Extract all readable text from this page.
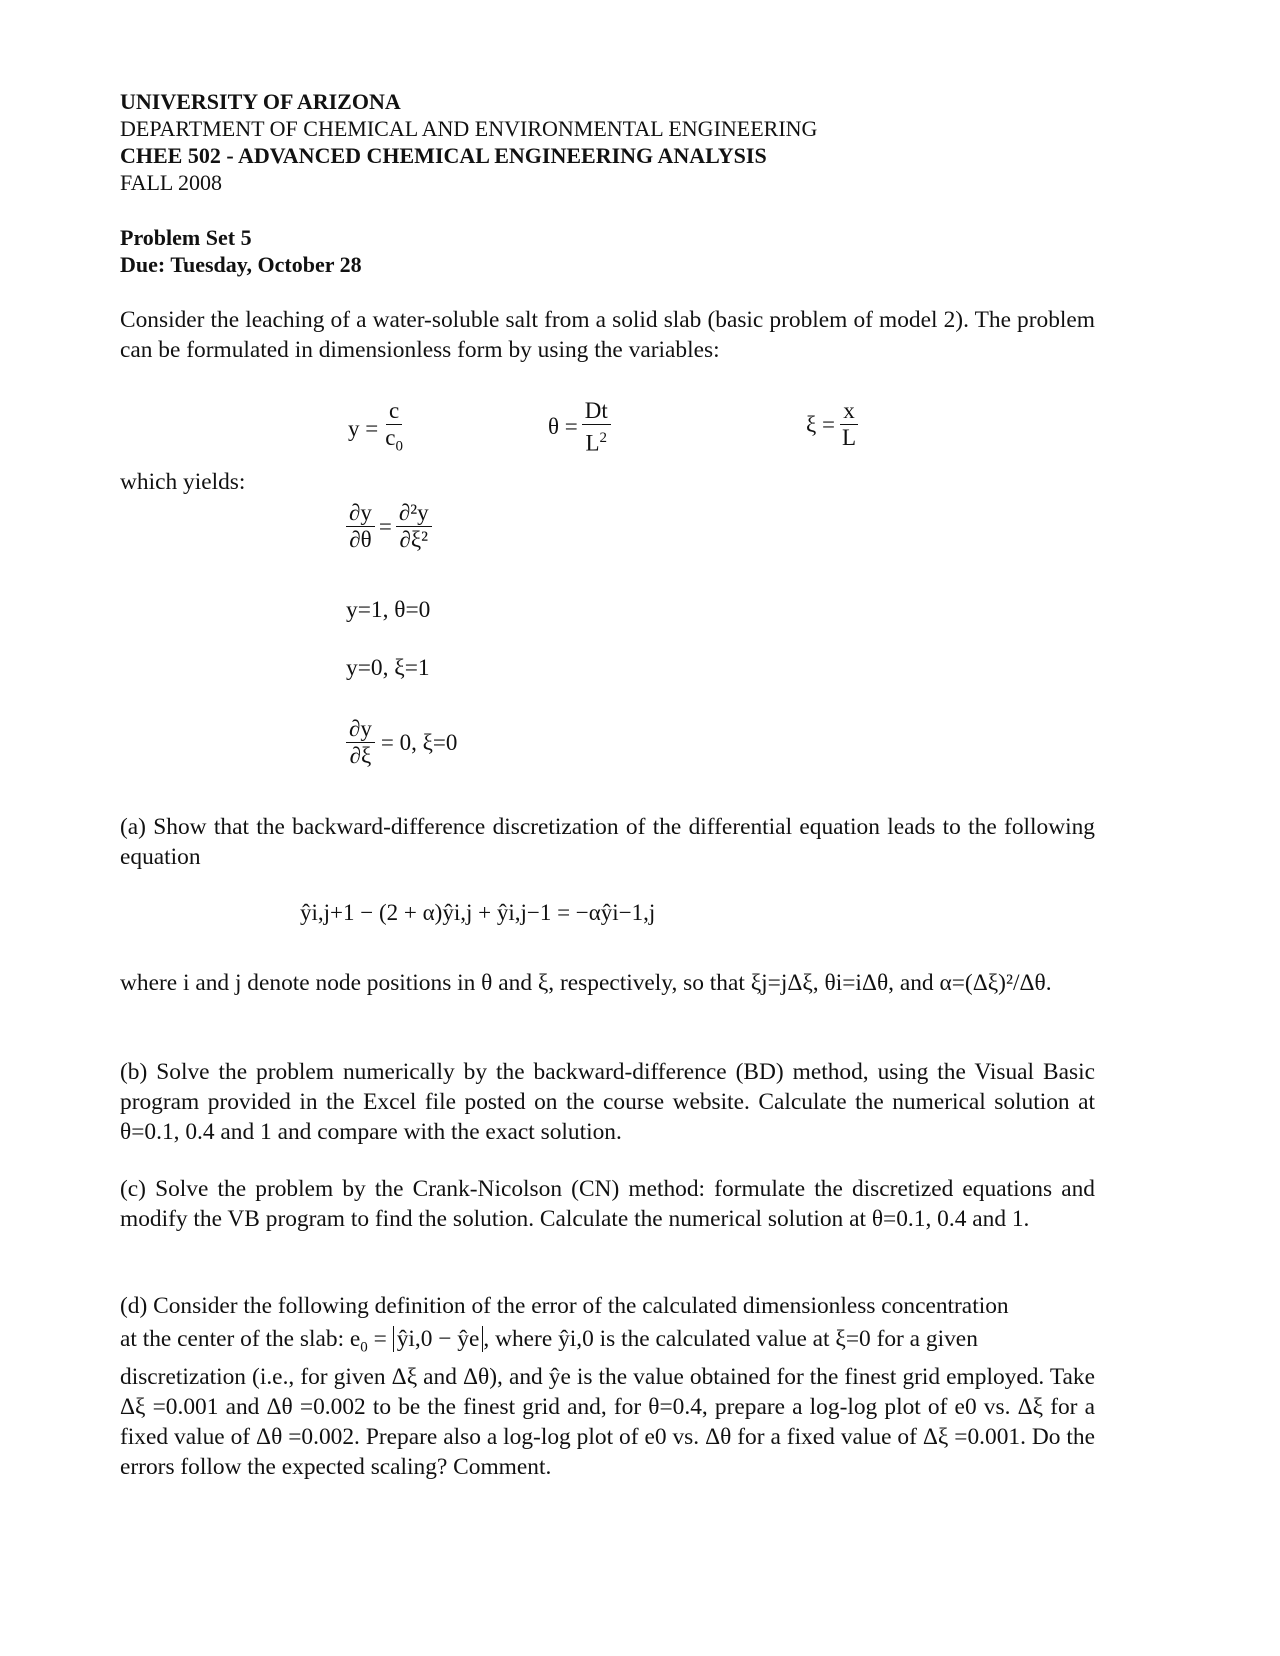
UNIVERSITY OF ARIZONA
DEPARTMENT OF CHEMICAL AND ENVIRONMENTAL ENGINEERING
CHEE 502 - ADVANCED CHEMICAL ENGINEERING ANALYSIS
FALL 2008
Problem Set 5
Due: Tuesday, October 28
Consider the leaching of a water-soluble salt from a solid slab (basic problem of model 2). The problem can be formulated in dimensionless form by using the variables:
$y = \frac{c}{c_0}$	$\theta = \frac{Dt}{L^2}$	$\xi = \frac{x}{L}$
which yields:
$\frac{\partial y}{\partial\theta} = \frac{\text{∂²y}}{\text{∂ξ²}}$
y=1, θ=0
y=0, ξ=1
$\frac{\partial y}{\partial\xi} = 0$, ξ=0
(a) Show that the backward-difference discretization of the differential equation leads to the following equation
ŷi,j+1 − (2 + α)ŷi,j + ŷi,j−1 = −αŷi−1,j
where i and j denote node positions in θ and ξ, respectively, so that ξj=jΔξ, θi=iΔθ, and α=(Δξ)²/Δθ.
(b) Solve the problem numerically by the backward-difference (BD) method, using the Visual Basic program provided in the Excel file posted on the course website. Calculate the numerical solution at θ=0.1, 0.4 and 1 and compare with the exact solution.
(c) Solve the problem by the Crank-Nicolson (CN) method: formulate the discretized equations and modify the VB program to find the solution. Calculate the numerical solution at θ=0.1, 0.4 and 1.
(d) Consider the following definition of the error of the calculated dimensionless concentration
at the center of the slab: $e_0$ = ŷi,0 − ŷe , where ŷi,0 is the calculated value at ξ=0 for a given
discretization (i.e., for given Δξ and Δθ), and ŷe is the value obtained for the finest grid employed. Take Δξ =0.001 and Δθ =0.002 to be the finest grid and, for θ=0.4, prepare a log-log plot of e0 vs. Δξ for a fixed value of Δθ =0.002. Prepare also a log-log plot of e0 vs. Δθ for a fixed value of Δξ =0.001. Do the errors follow the expected scaling? Comment.
